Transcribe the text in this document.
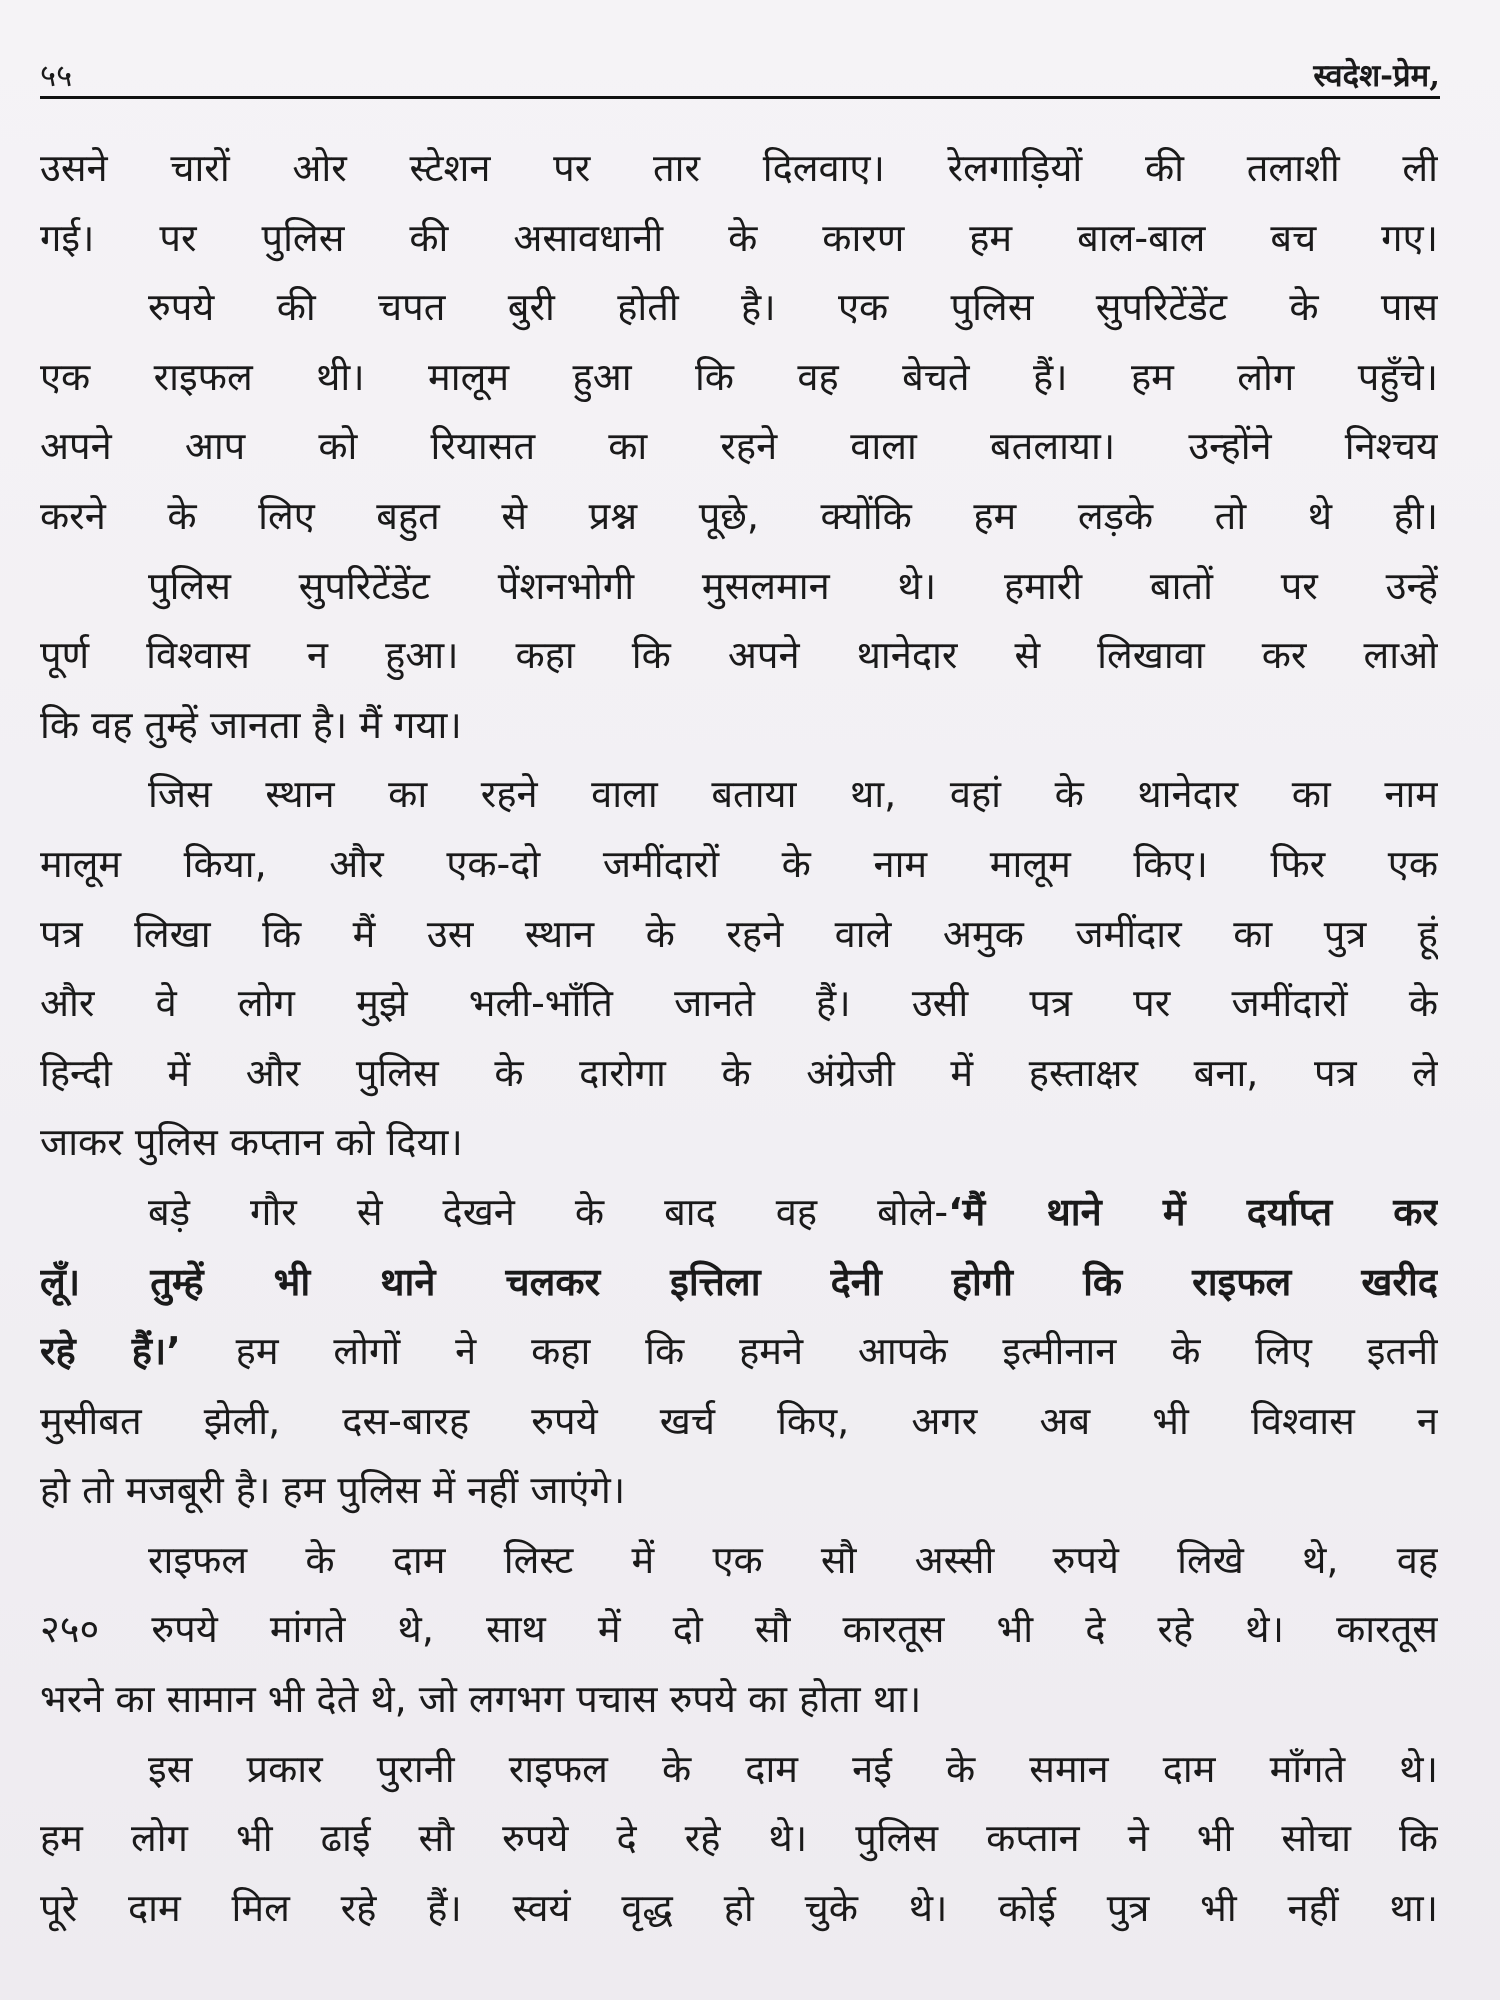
५५	स्वदेश-प्रेम,
उसने चारों ओर स्टेशन पर तार दिलवाए। रेलगाड़ियों की तलाशी ली
गई। पर पुलिस की असावधानी के कारण हम बाल-बाल बच गए।
रुपये की चपत बुरी होती है। एक पुलिस सुपरिटेंडेंट के पास
एक राइफल थी। मालूम हुआ कि वह बेचते हैं। हम लोग पहुँचे।
अपने आप को रियासत का रहने वाला बतलाया। उन्होंने निश्चय
करने के लिए बहुत से प्रश्न पूछे, क्योंकि हम लड़के तो थे ही।
पुलिस सुपरिटेंडेंट पेंशनभोगी मुसलमान थे। हमारी बातों पर उन्हें
पूर्ण विश्वास न हुआ। कहा कि अपने थानेदार से लिखावा कर लाओ
कि वह तुम्हें जानता है। मैं गया।
जिस स्थान का रहने वाला बताया था, वहां के थानेदार का नाम
मालूम किया, और एक-दो जमींदारों के नाम मालूम किए। फिर एक
पत्र लिखा कि मैं उस स्थान के रहने वाले अमुक जमींदार का पुत्र हूं
और वे लोग मुझे भली-भाँति जानते हैं। उसी पत्र पर जमींदारों के
हिन्दी में और पुलिस के दारोगा के अंग्रेजी में हस्ताक्षर बना, पत्र ले
जाकर पुलिस कप्तान को दिया।
बड़े गौर से देखने के बाद वह बोले-‘मैं थाने में दर्याप्त कर
लूँ। तुम्हें भी थाने चलकर इत्तिला देनी होगी कि राइफल खरीद
रहे हैं।’ हम लोगों ने कहा कि हमने आपके इत्मीनान के लिए इतनी
मुसीबत झेली, दस-बारह रुपये खर्च किए, अगर अब भी विश्वास न
हो तो मजबूरी है। हम पुलिस में नहीं जाएंगे।
राइफल के दाम लिस्ट में एक सौ अस्सी रुपये लिखे थे, वह
२५० रुपये मांगते थे, साथ में दो सौ कारतूस भी दे रहे थे। कारतूस
भरने का सामान भी देते थे, जो लगभग पचास रुपये का होता था।
इस प्रकार पुरानी राइफल के दाम नई के समान दाम माँगते थे।
हम लोग भी ढाई सौ रुपये दे रहे थे। पुलिस कप्तान ने भी सोचा कि
पूरे दाम मिल रहे हैं। स्वयं वृद्ध हो चुके थे। कोई पुत्र भी नहीं था।
